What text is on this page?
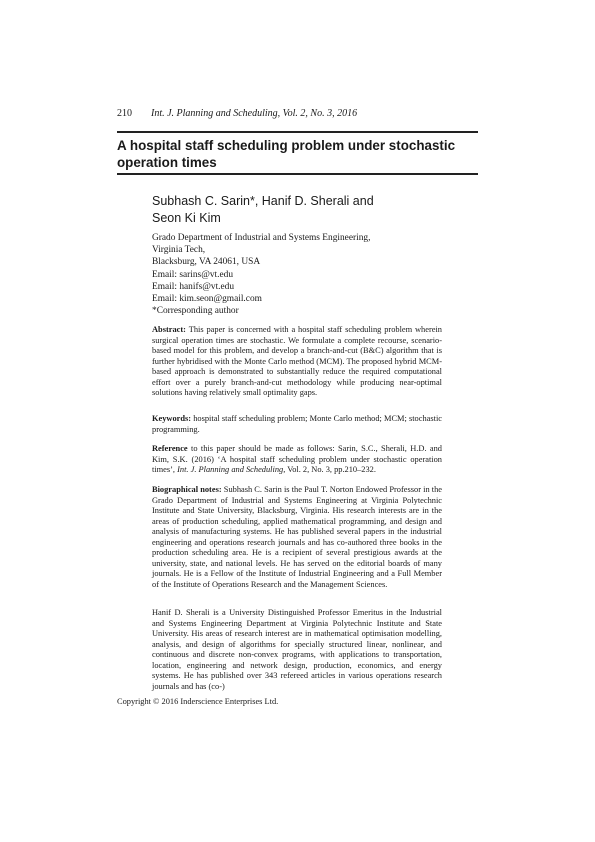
210 Int. J. Planning and Scheduling, Vol. 2, No. 3, 2016
A hospital staff scheduling problem under stochastic operation times
Subhash C. Sarin*, Hanif D. Sherali and
Seon Ki Kim
Grado Department of Industrial and Systems Engineering,
Virginia Tech,
Blacksburg, VA 24061, USA
Email: sarins@vt.edu
Email: hanifs@vt.edu
Email: kim.seon@gmail.com
*Corresponding author

Abstract: This paper is concerned with a hospital staff scheduling problem wherein surgical operation times are stochastic. We formulate a complete recourse, scenario-based model for this problem, and develop a branch-and-cut (B&C) algorithm that is further hybridised with the Monte Carlo method (MCM). The proposed hybrid MCM-based approach is demonstrated to substantially reduce the required computational effort over a purely branch-and-cut methodology while producing near-optimal solutions having relatively small optimality gaps.

Keywords: hospital staff scheduling problem; Monte Carlo method; MCM; stochastic programming.

Reference to this paper should be made as follows: Sarin, S.C., Sherali, H.D. and Kim, S.K. (2016) ‘A hospital staff scheduling problem under stochastic operation times’, Int. J. Planning and Scheduling, Vol. 2, No. 3, pp.210–232.

Biographical notes: Subhash C. Sarin is the Paul T. Norton Endowed Professor in the Grado Department of Industrial and Systems Engineering at Virginia Polytechnic Institute and State University, Blacksburg, Virginia. His research interests are in the areas of production scheduling, applied mathematical programming, and design and analysis of manufacturing systems. He has published several papers in the industrial engineering and operations research journals and has co-authored three books in the production scheduling area. He is a recipient of several prestigious awards at the university, state, and national levels. He has served on the editorial boards of many journals. He is a Fellow of the Institute of Industrial Engineering and a Full Member of the Institute of Operations Research and the Management Sciences.

Hanif D. Sherali is a University Distinguished Professor Emeritus in the Industrial and Systems Engineering Department at Virginia Polytechnic Institute and State University. His areas of research interest are in mathematical optimisation modelling, analysis, and design of algorithms for specially structured linear, nonlinear, and continuous and discrete non-convex programs, with applications to transportation, location, engineering and network design, production, economics, and energy systems. He has published over 343 refereed articles in various operations research journals and has (co-)

Copyright © 2016 Inderscience Enterprises Ltd.
